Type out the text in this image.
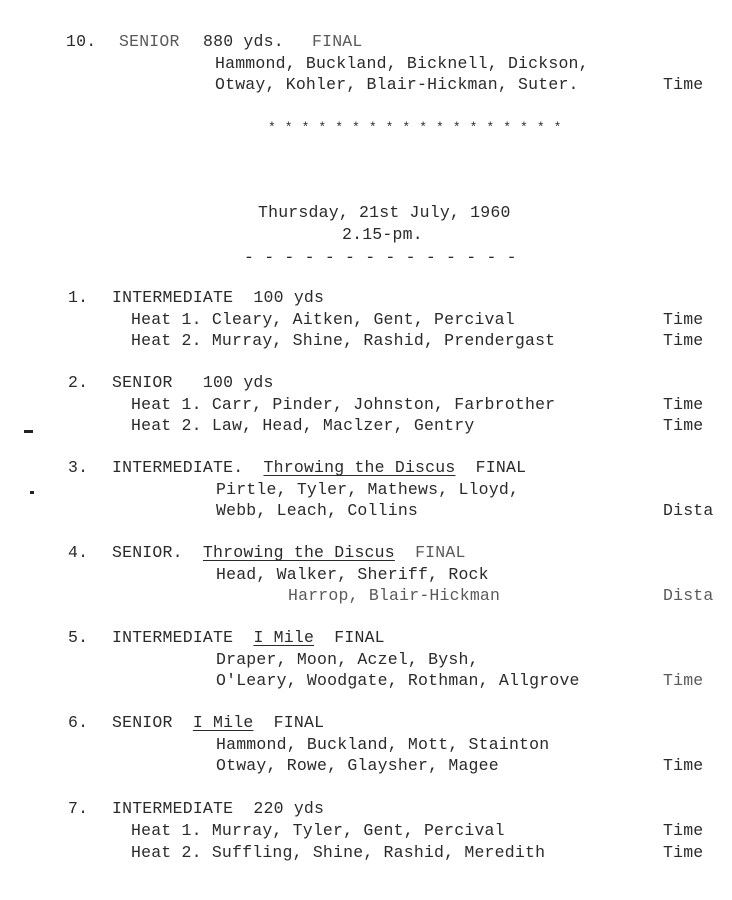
10. SENIOR 880 yds. FINAL
Hammond, Buckland, Bicknell, Dickson,
Otway, Kohler, Blair-Hickman, Suter.	Time
* * * * * * * * * * * * * * * * * *
Thursday, 21st July, 1960
2.15-pm.
- - - - - - - - - - - - - -
1. INTERMEDIATE  100 yds
Heat 1. Cleary, Aitken, Gent, Percival	Time
Heat 2. Murray, Shine, Rashid, Prendergast	Time
2. SENIOR   100 yds
Heat 1. Carr, Pinder, Johnston, Farbrother	Time
Heat 2. Law, Head, Maclzer, Gentry	Time
3. INTERMEDIATE.  Throwing the Discus  FINAL
Pirtle, Tyler, Mathews, Lloyd,
Webb, Leach, Collins	Dista
4. SENIOR.  Throwing the Discus  FINAL
Head, Walker, Sheriff, Rock
Harrop, Blair-Hickman	Dista
5. INTERMEDIATE  I Mile  FINAL
Draper, Moon, Aczel, Bysh,
O'Leary, Woodgate, Rothman, Allgrove	Time
6. SENIOR  I Mile  FINAL
Hammond, Buckland, Mott, Stainton
Otway, Rowe, Glaysher, Magee	Time
7. INTERMEDIATE  220 yds
Heat 1. Murray, Tyler, Gent, Percival	Time
Heat 2. Suffling, Shine, Rashid, Meredith	Time
